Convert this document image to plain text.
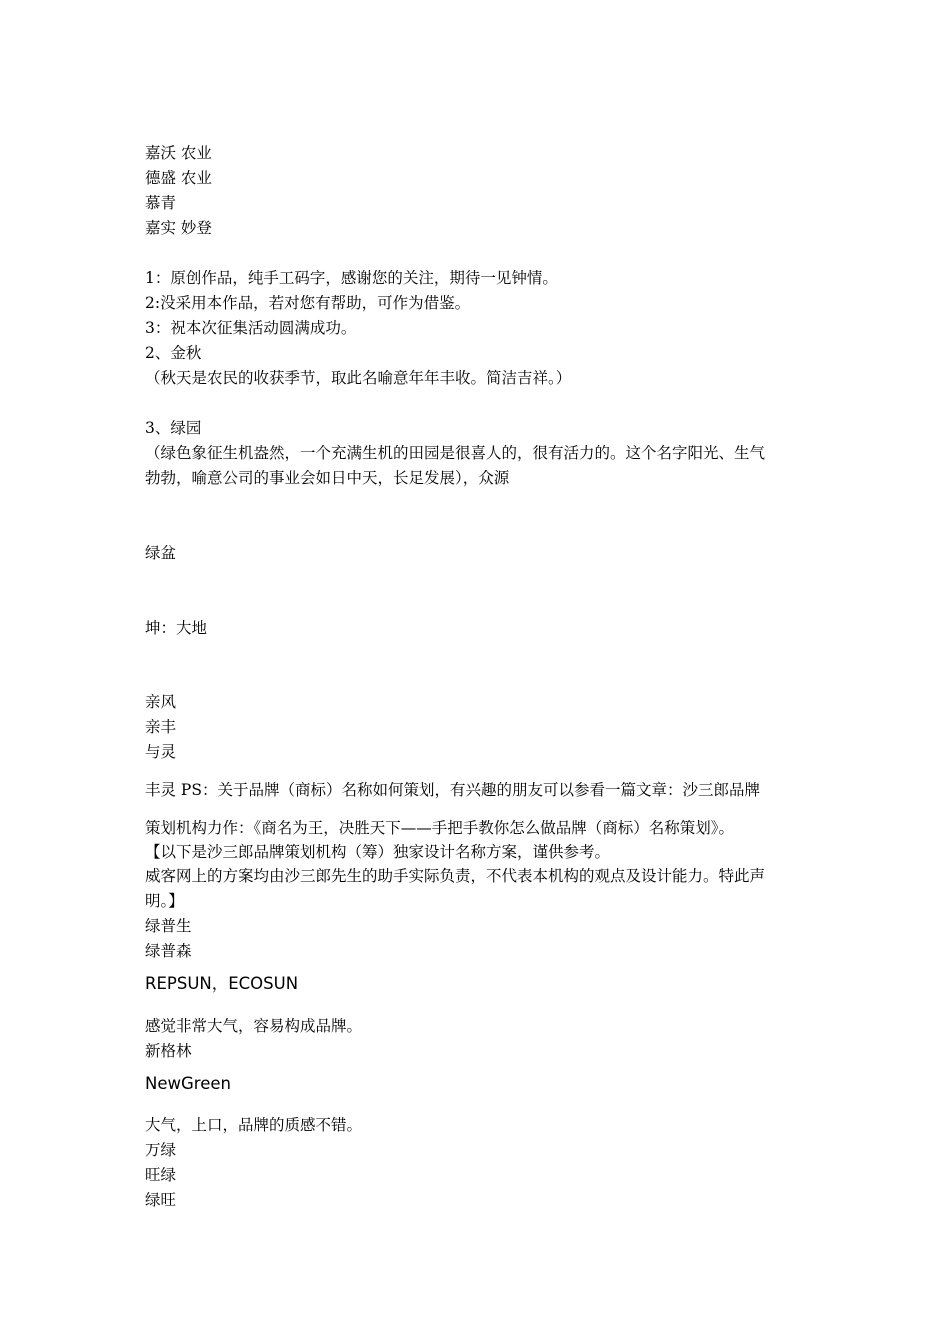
嘉沃 农业
德盛 农业
慕青
嘉实 妙登
1：原创作品，纯手工码字，感谢您的关注，期待一见钟情。
2:没采用本作品，若对您有帮助，可作为借鉴。
3：祝本次征集活动圆满成功。
2、金秋
（秋天是农民的收获季节，取此名喻意年年丰收。简洁吉祥。）
3、绿园
（绿色象征生机盎然，一个充满生机的田园是很喜人的，很有活力的。这个名字阳光、生气
勃勃，喻意公司的事业会如日中天，长足发展），众源
绿盆
坤：大地
亲风
亲丰
与灵
丰灵 PS：关于品牌（商标）名称如何策划，有兴趣的朋友可以参看一篇文章：沙三郎品牌
策划机构力作：《商名为王，决胜天下——手把手教你怎么做品牌（商标）名称策划》。
【以下是沙三郎品牌策划机构（筹）独家设计名称方案，谨供参考。
威客网上的方案均由沙三郎先生的助手实际负责，不代表本机构的观点及设计能力。特此声
明。】
绿普生
绿普森
REPSUN，ECOSUN
感觉非常大气，容易构成品牌。
新格林
NewGreen
大气，上口，品牌的质感不错。
万绿
旺绿
绿旺
